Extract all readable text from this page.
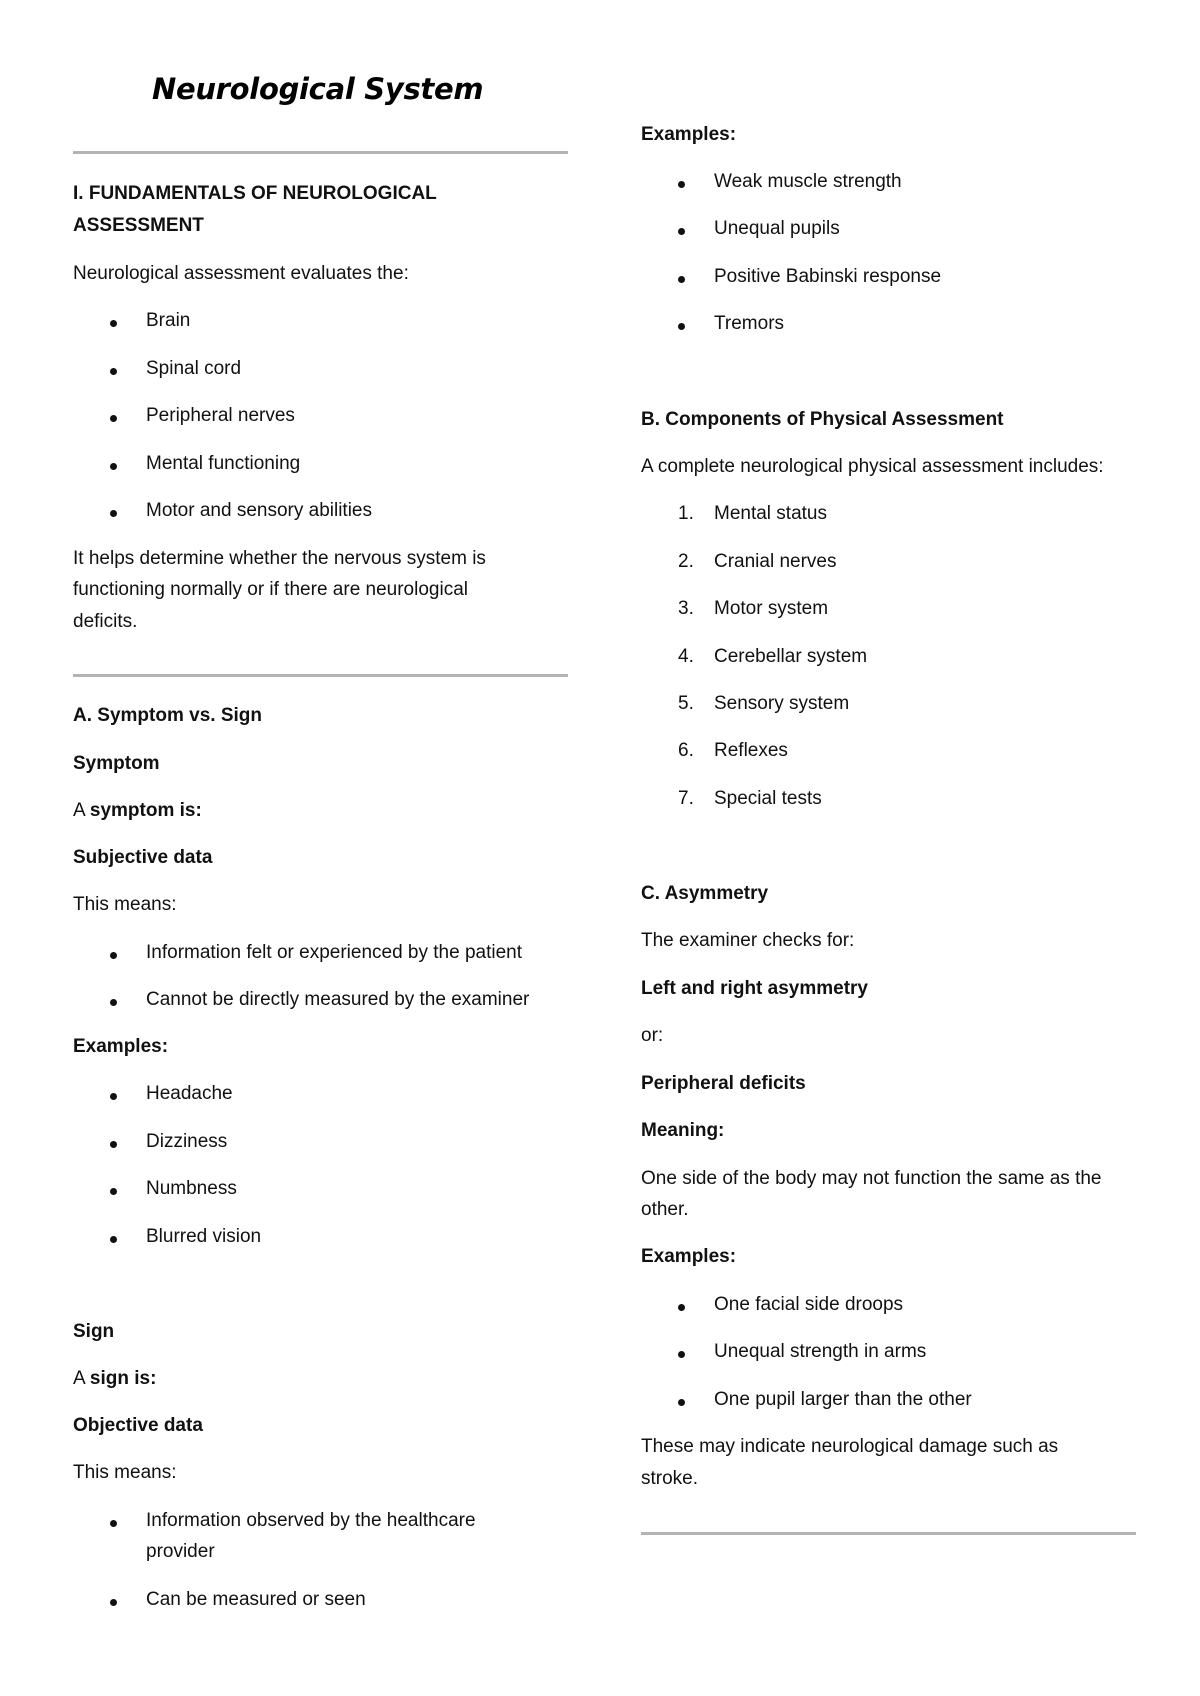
Neurological System

I. FUNDAMENTALS OF NEUROLOGICAL

ASSESSMENT

Neurological assessment evaluates the:

Brain

Spinal cord

Peripheral nerves

Mental functioning

Motor and sensory abilities

It helps determine whether the nervous system is

functioning normally or if there are neurological

deficits.

A. Symptom vs. Sign

Symptom

A symptom is:

Subjective data

This means:

Information felt or experienced by the patient

Cannot be directly measured by the examiner

Examples:

Headache

Dizziness

Numbness

Blurred vision

Sign

A sign is:

Objective data

This means:

Information observed by the healthcare

provider

Can be measured or seen

Examples:

Weak muscle strength

Unequal pupils

Positive Babinski response

Tremors

B. Components of Physical Assessment

A complete neurological physical assessment includes:

1.	Mental status

2.	Cranial nerves

3.	Motor system

4.	Cerebellar system

5.	Sensory system

6.	Reflexes

7.	Special tests

C. Asymmetry

The examiner checks for:

Left and right asymmetry

or:

Peripheral deficits

Meaning:

One side of the body may not function the same as the

other.

Examples:

One facial side droops

Unequal strength in arms

One pupil larger than the other

These may indicate neurological damage such as

stroke.
